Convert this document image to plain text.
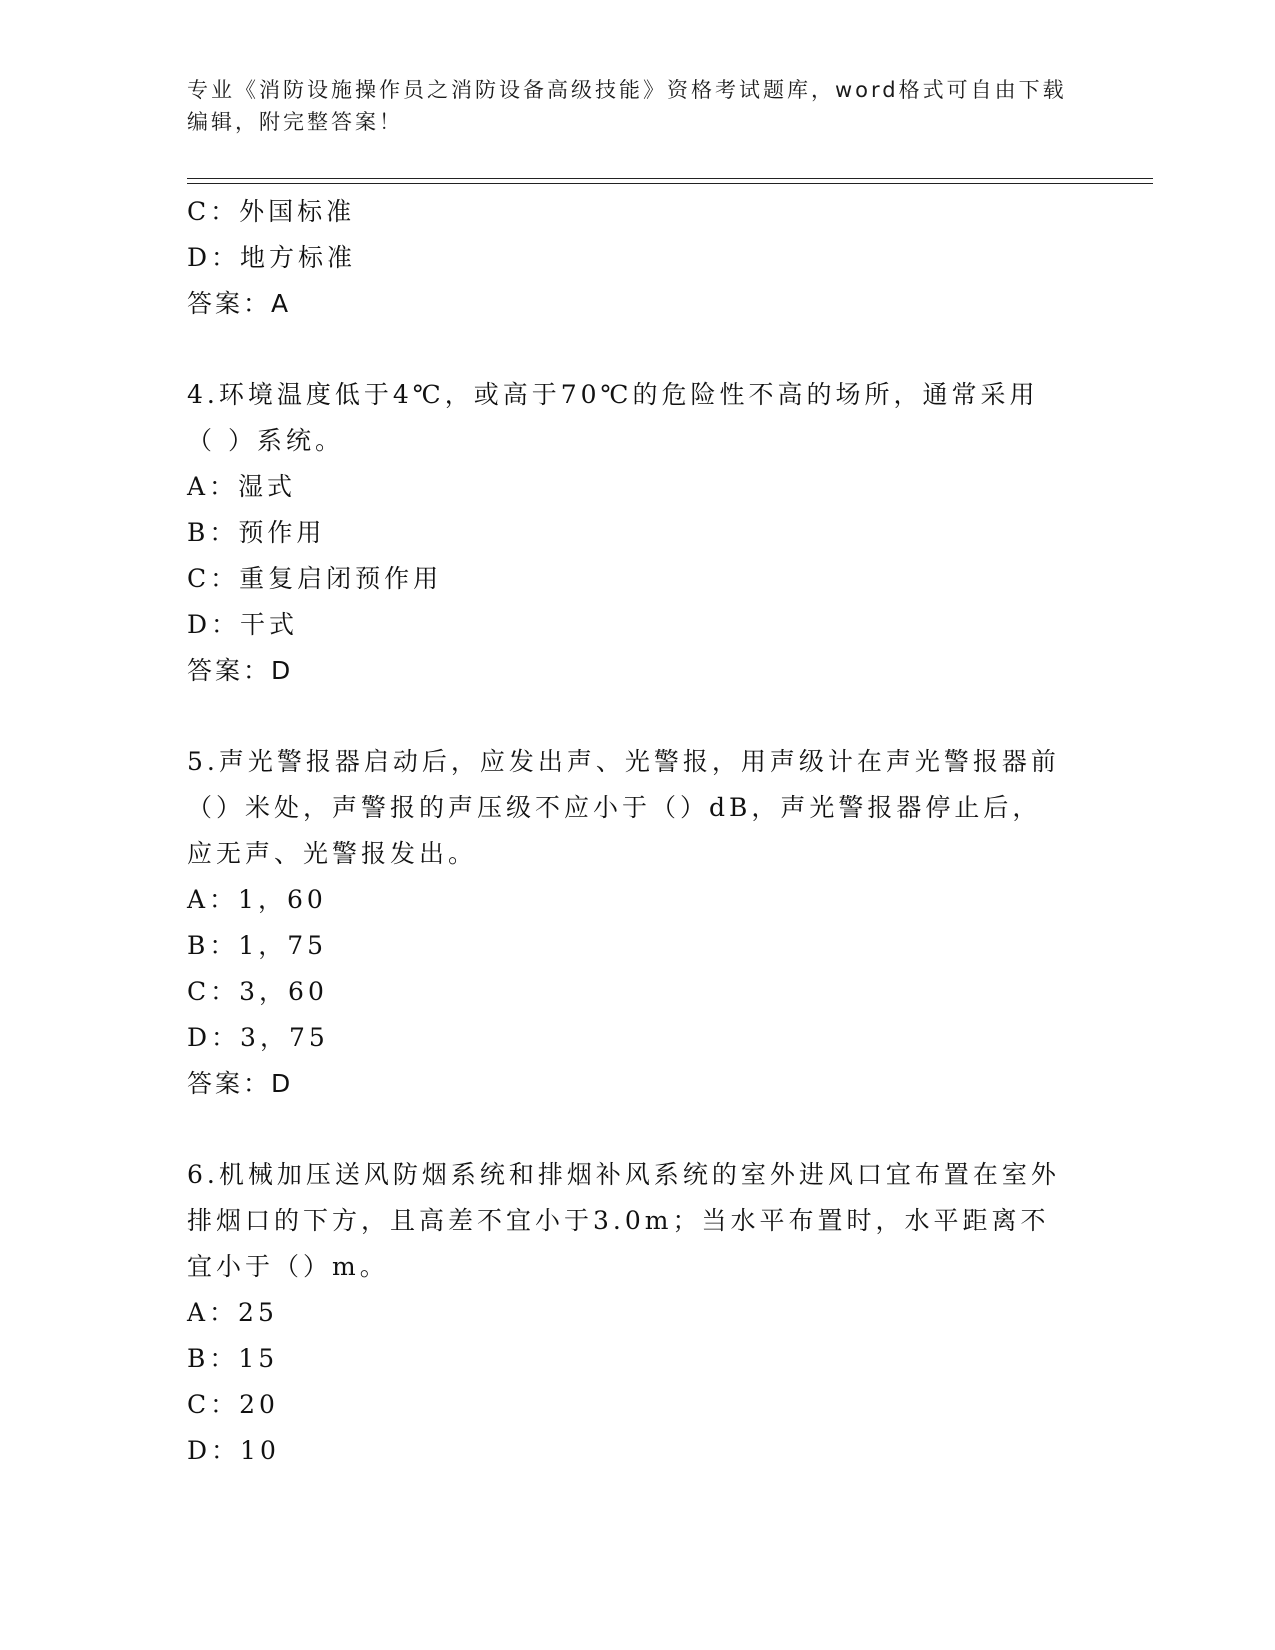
专业《消防设施操作员之消防设备高级技能》资格考试题库，word格式可自由下载编辑，附完整答案！
C：外国标准
D：地方标准
答案：A
4.环境温度低于4℃，或高于70℃的危险性不高的场所，通常采用（ ）系统。
A：湿式
B：预作用
C：重复启闭预作用
D：干式
答案：D
5.声光警报器启动后，应发出声、光警报，用声级计在声光警报器前（）米处，声警报的声压级不应小于（）dB，声光警报器停止后，应无声、光警报发出。
A：1，60
B：1，75
C：3，60
D：3，75
答案：D
6.机械加压送风防烟系统和排烟补风系统的室外进风口宜布置在室外排烟口的下方，且高差不宜小于3.0m；当水平布置时，水平距离不宜小于（）m。
A：25
B：15
C：20
D：10
